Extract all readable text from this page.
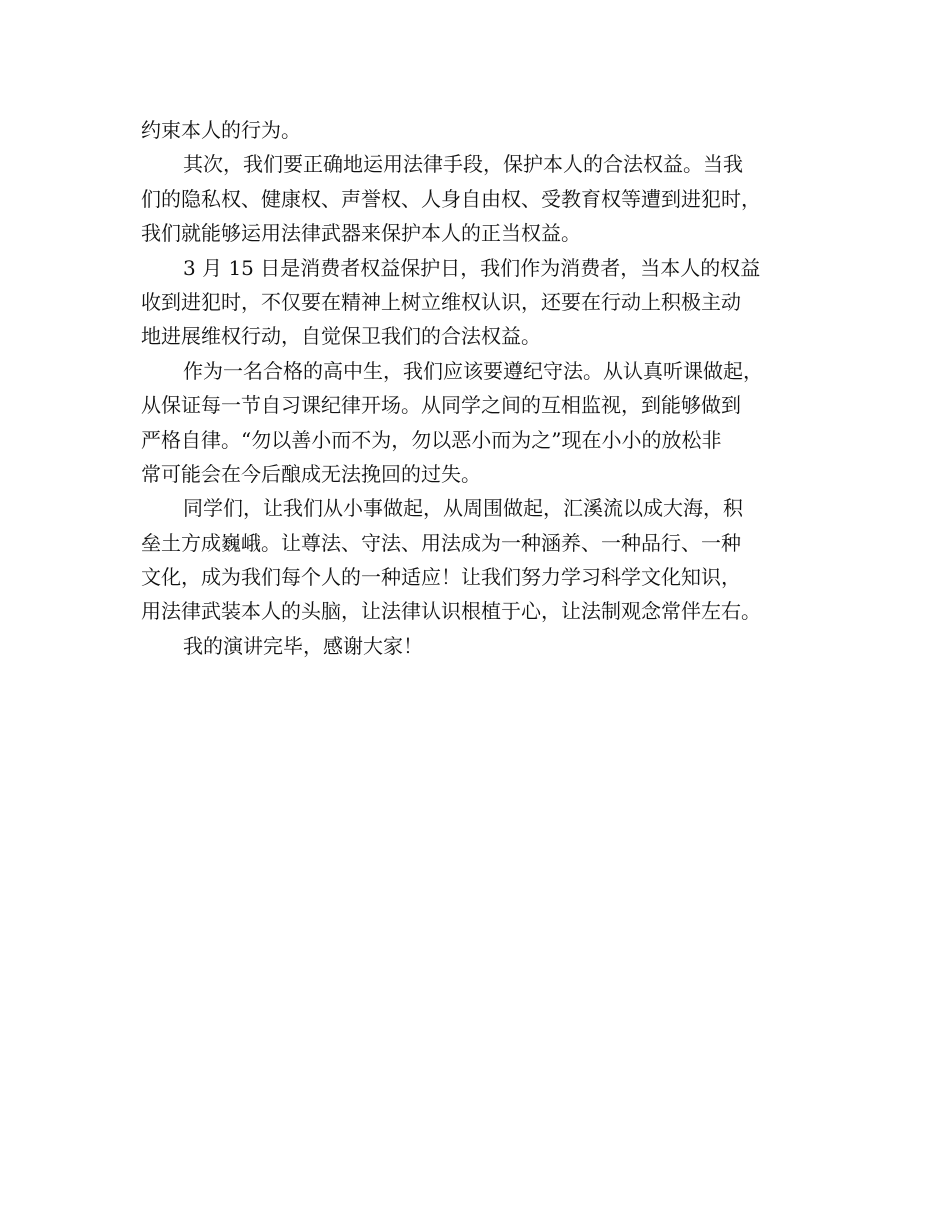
约束本人的行为。
其次，我们要正确地运用法律手段，保护本人的合法权益。当我
们的隐私权、健康权、声誉权、人身自由权、受教育权等遭到进犯时，
我们就能够运用法律武器来保护本人的正当权益。
3 月 15 日是消费者权益保护日，我们作为消费者，当本人的权益
收到进犯时，不仅要在精神上树立维权认识，还要在行动上积极主动
地进展维权行动，自觉保卫我们的合法权益。
作为一名合格的高中生，我们应该要遵纪守法。从认真听课做起，
从保证每一节自习课纪律开场。从同学之间的互相监视，到能够做到
严格自律。“勿以善小而不为，勿以恶小而为之”现在小小的放松非
常可能会在今后酿成无法挽回的过失。
同学们，让我们从小事做起，从周围做起，汇溪流以成大海，积
垒土方成巍峨。让尊法、守法、用法成为一种涵养、一种品行、一种
文化，成为我们每个人的一种适应！让我们努力学习科学文化知识，
用法律武装本人的头脑，让法律认识根植于心，让法制观念常伴左右。
我的演讲完毕，感谢大家！
